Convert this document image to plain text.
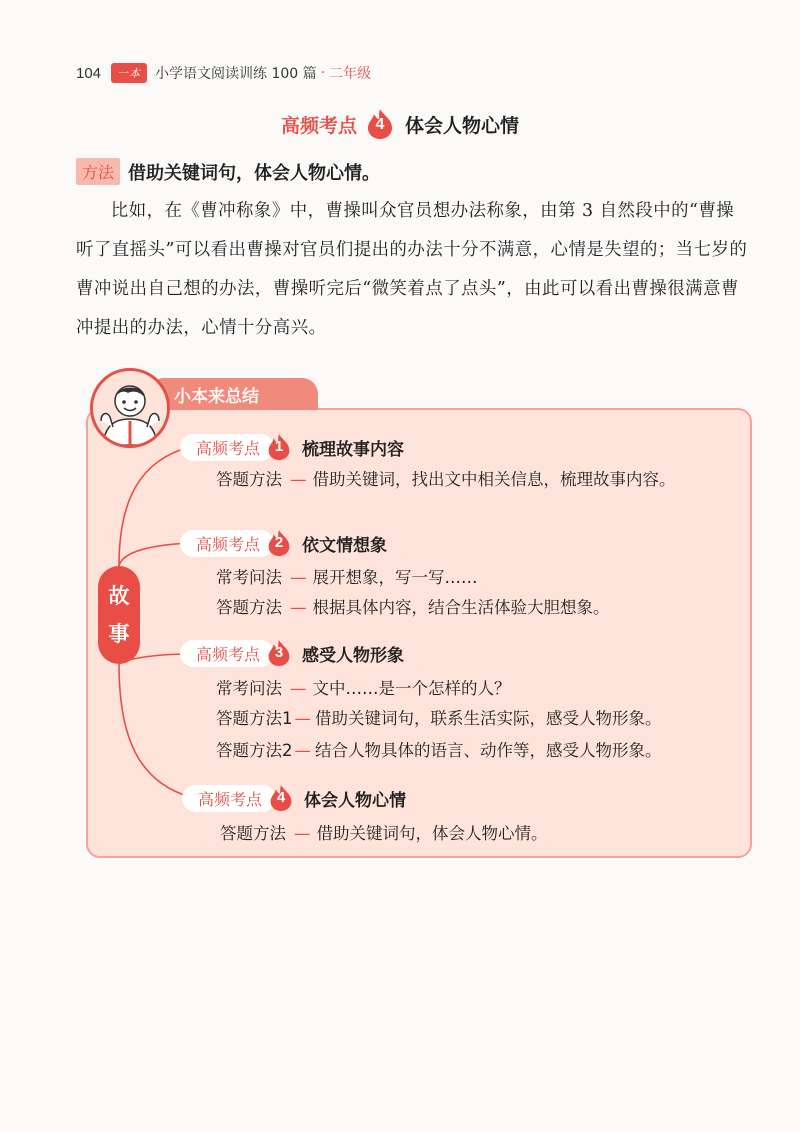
104	一本	小学语文阅读训练 100 篇 · 二年级
高频考点	4	体会人物心情
方法 借助关键词句，体会人物心情。

比如，在《曹冲称象》中，曹操叫众官员想办法称象，由第 3 自然段中的“曹操听了直摇头”可以看出曹操对官员们提出的办法十分不满意，心情是失望的；当七岁的曹冲说出自己想的办法，曹操听完后“微笑着点了点头”，由此可以看出曹操很满意曹冲提出的办法，心情十分高兴。

小本来总结
故
事
高频考点 1	梳理故事内容
答题方法 — 借助关键词，找出文中相关信息，梳理故事内容。
高频考点 2	依文情想象
常考问法 — 展开想象，写一写……
答题方法 — 根据具体内容，结合生活体验大胆想象。
高频考点 3	感受人物形象
常考问法 — 文中……是一个怎样的人？
答题方法1 — 借助关键词句，联系生活实际，感受人物形象。
答题方法2 — 结合人物具体的语言、动作等，感受人物形象。
高频考点 4	体会人物心情
答题方法 — 借助关键词句，体会人物心情。
